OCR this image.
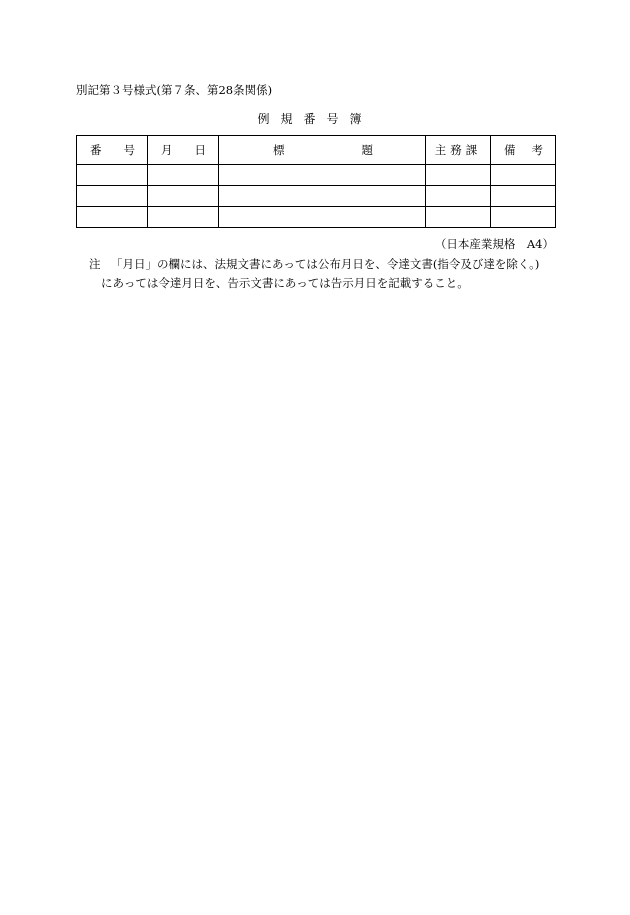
別記第３号様式(第７条、第28条関係)
例規番号簿
番 号	月 日	標 題	主務課	備 考

（日本産業規格　A4）
注 「月日」の欄には、法規文書にあっては公布月日を、令達文書(指令及び達を除く。)
にあっては令達月日を、告示文書にあっては告示月日を記載すること。
